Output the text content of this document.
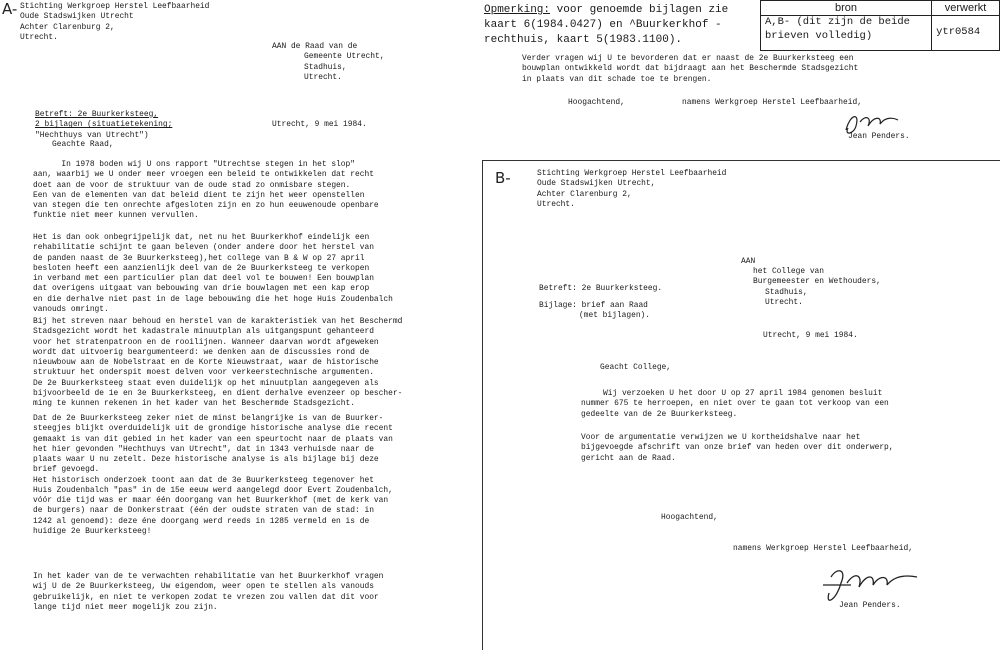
A- Stichting Werkgroep Herstel Leefbaarheid
Oude Stadswijken Utrecht
Achter Clarenburg 2,
Utrecht.
AAN de Raad van de
Gemeente Utrecht,
Stadhuis,
Utrecht.
Betreft: 2e Buurkerksteeg,
2 bijlagen (situatietekening;
"Hechthuys van Utrecht")
Utrecht, 9 mei 1984.
Geachte Raad,
In 1978 boden wij U ons rapport "Utrechtse stegen in het slop"
aan, waarbij we U onder meer vroegen een beleid te ontwikkelen dat recht
doet aan de voor de struktuur van de oude stad zo onmisbare stegen.
Een van de elementen van dat beleid dient te zijn het weer openstellen
van stegen die ten onrechte afgesloten zijn en zo hun eeuwenoude openbare
funktie niet meer kunnen vervullen.
Het is dan ook onbegrijpelijk dat, net nu het Buurkerkhof eindelijk een
rehabilitatie schijnt te gaan beleven (onder andere door het herstel van
de panden naast de 3e Buurkerksteeg),het college van B & W op 27 april
besloten heeft een aanzienlijk deel van de 2e Buurkerksteeg te verkopen
in verband met een particulier plan dat deel vol te bouwen! Een bouwplan
dat overigens uitgaat van bebouwing van drie bouwlagen met een kap erop
en die derhalve niet past in de lage bebouwing die het hoge Huis Zoudenbalch
vanouds omringt.
Bij het streven naar behoud en herstel van de karakteristiek van het Beschermd
Stadsgezicht wordt het kadastrale minuutplan als uitgangspunt gehanteerd
voor het stratenpatroon en de rooilijnen. Wanneer daarvan wordt afgeweken
wordt dat uitvoerig beargumenteerd: we denken aan de discussies rond de
nieuwbouw aan de Nobelstraat en de Korte Nieuwstraat, waar de historische
struktuur het onderspit moest delven voor verkeerstechnische argumenten.
De 2e Buurkerksteeg staat even duidelijk op het minuutplan aangegeven als
bijvoorbeeld de 1e en 3e Buurkerksteeg, en dient derhalve evenzeer op bescher-
ming te kunnen rekenen in het kader van het Beschermde Stadsgezicht.
Dat de 2e Buurkerksteeg zeker niet de minst belangrijke is van de Buurker-
steegjes blijkt overduidelijk uit de grondige historische analyse die recent
gemaakt is van dit gebied in het kader van een speurtocht naar de plaats van
het hier gevonden "Hechthuys van Utrecht", dat in 1343 verhuisde naar de
plaats waar U nu zetelt. Deze historische analyse is als bijlage bij deze
brief gevoegd.
Het historisch onderzoek toont aan dat de 3e Buurkerksteeg tegenover het
Huis Zoudenbalch "pas" in de 15e eeuw werd aangelegd door Evert Zoudenbalch,
vóór die tijd was er maar één doorgang van het Buurkerkhof (met de kerk van
de burgers) naar de Donkerstraat (één der oudste straten van de stad: in
1242 al genoemd): deze éne doorgang werd reeds in 1285 vermeld en is de
huidige 2e Buurkerksteeg!
In het kader van de te verwachten rehabilitatie van het Buurkerkhof vragen
wij U de 2e Buurkerksteeg, Uw eigendom, weer open te stellen als vanouds
gebruikelijk, en niet te verkopen zodat te vrezen zou vallen dat dit voor
lange tijd niet meer mogelijk zou zijn.
Opmerking: voor genoemde bijlagen zie
kaart 6(1984.0427) en ^Buurkerkhof -
rechthuis, kaart 5(1983.1100).
bron	verwerkt

A,B- (dit zijn de beide
brieven volledig)	ytr0584
Verder vragen wij U te bevorderen dat er naast de 2e Buurkerksteeg een
bouwplan ontwikkeld wordt dat bijdraagt aan het Beschermde Stadsgezicht
in plaats van dit schade toe te brengen.
Hoogachtend,	namens Werkgroep Herstel Leefbaarheid,
Jean Penders.
B-	Stichting Werkgroep Herstel Leefbaarheid
Oude Stadswijken Utrecht,
Achter Clarenburg 2,
Utrecht.
AAN
het College van
Burgemeester en Wethouders,
Stadhuis,
Utrecht.
Betreft: 2e Buurkerksteeg.
Bijlage: brief aan Raad
(met bijlagen).
Utrecht, 9 mei 1984.
Geacht College,
Wij verzoeken U het door U op 27 april 1984 genomen besluit
nummer 675 te herroepen, en niet over te gaan tot verkoop van een
gedeelte van de 2e Buurkerksteeg.
Voor de argumentatie verwijzen we U kortheidshalve naar het
bijgevoegde afschrift van onze brief van heden over dit onderwerp,
gericht aan de Raad.
Hoogachtend,
namens Werkgroep Herstel Leefbaarheid,
Jean Penders.
